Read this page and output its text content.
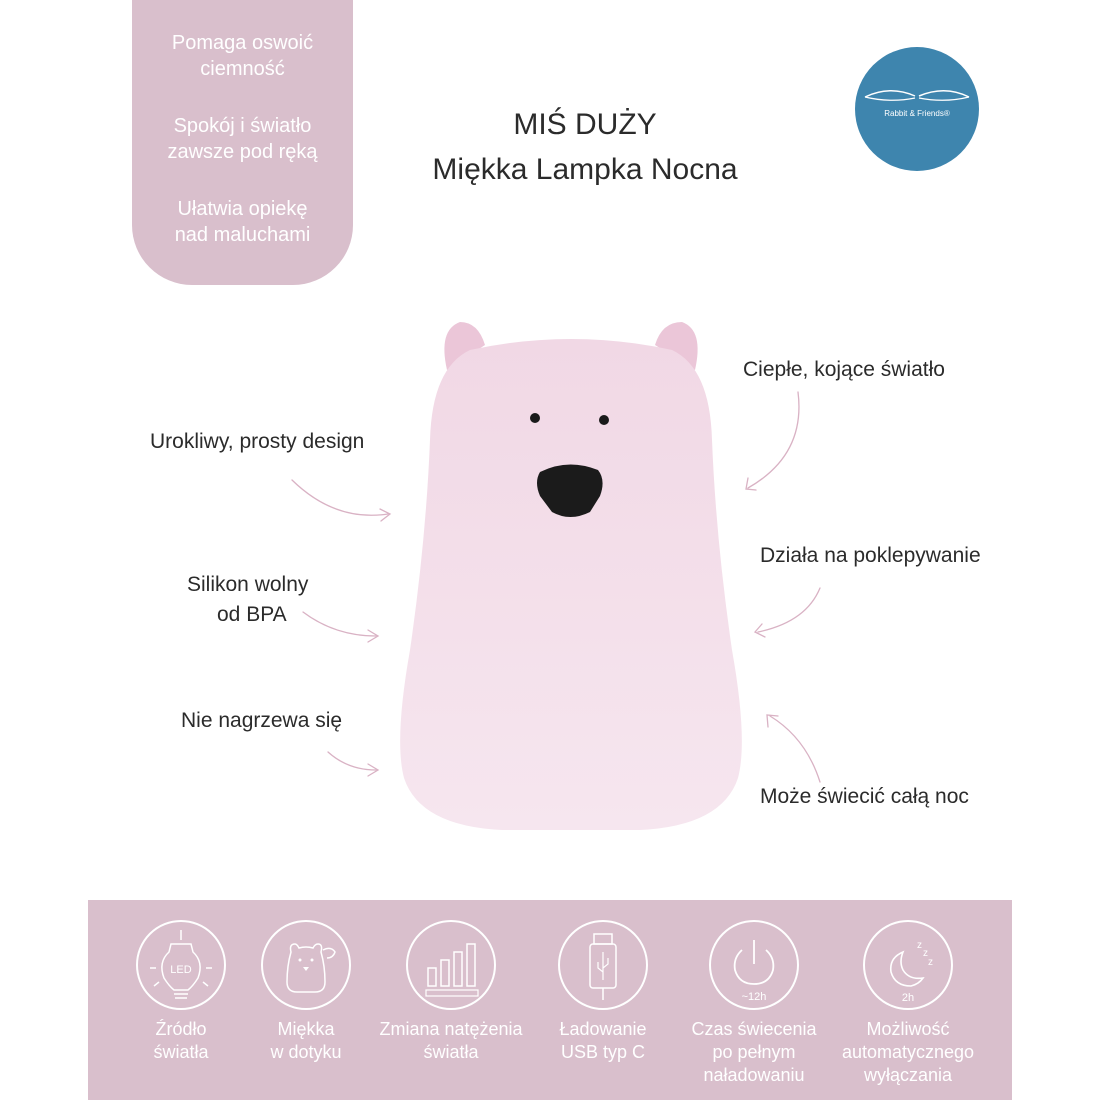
Pomaga oswoić
ciemność
Spokój i światło
zawsze pod ręką
Ułatwia opiekę
nad maluchami
MIŚ DUŻY
Miękka Lampka Nocna
Rabbit & Friends®
Urokliwy, prosty design
Silikon wolny
od BPA
Nie nagrzewa się
Ciepłe, kojące światło
Działa na poklepywanie
Może świecić całą noc
LED
Źródło
światła
Miękka
w dotyku
Zmiana natężenia
światła
Ładowanie
USB typ C
~12h
Czas świecenia
po pełnym
naładowaniu
z
z
z
2h
Możliwość
automatycznego
wyłączania
